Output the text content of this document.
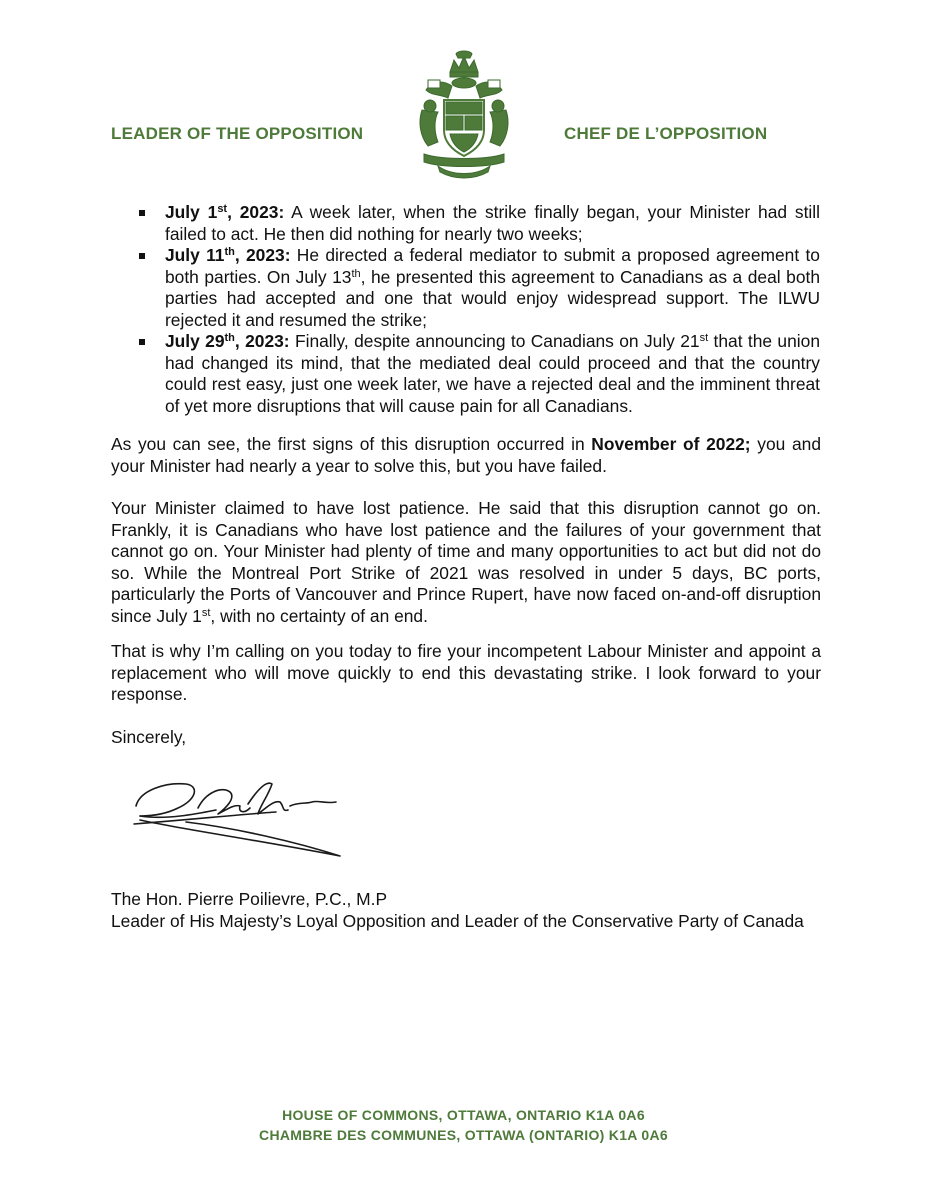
LEADER OF THE OPPOSITION	CHEF DE L’OPPOSITION
July 1st, 2023: A week later, when the strike finally began, your Minister had still failed to act. He then did nothing for nearly two weeks;
July 11th, 2023: He directed a federal mediator to submit a proposed agreement to both parties. On July 13th, he presented this agreement to Canadians as a deal both parties had accepted and one that would enjoy widespread support. The ILWU rejected it and resumed the strike;
July 29th, 2023: Finally, despite announcing to Canadians on July 21st that the union had changed its mind, that the mediated deal could proceed and that the country could rest easy, just one week later, we have a rejected deal and the imminent threat of yet more disruptions that will cause pain for all Canadians.
As you can see, the first signs of this disruption occurred in November of 2022; you and your Minister had nearly a year to solve this, but you have failed.
Your Minister claimed to have lost patience. He said that this disruption cannot go on. Frankly, it is Canadians who have lost patience and the failures of your government that cannot go on. Your Minister had plenty of time and many opportunities to act but did not do so. While the Montreal Port Strike of 2021 was resolved in under 5 days, BC ports, particularly the Ports of Vancouver and Prince Rupert, have now faced on-and-off disruption since July 1st, with no certainty of an end.
That is why I’m calling on you today to fire your incompetent Labour Minister and appoint a replacement who will move quickly to end this devastating strike. I look forward to your response.
Sincerely,
The Hon. Pierre Poilievre, P.C., M.P
Leader of His Majesty’s Loyal Opposition and Leader of the Conservative Party of Canada
HOUSE OF COMMONS, OTTAWA, ONTARIO K1A 0A6
CHAMBRE DES COMMUNES, OTTAWA (ONTARIO) K1A 0A6
